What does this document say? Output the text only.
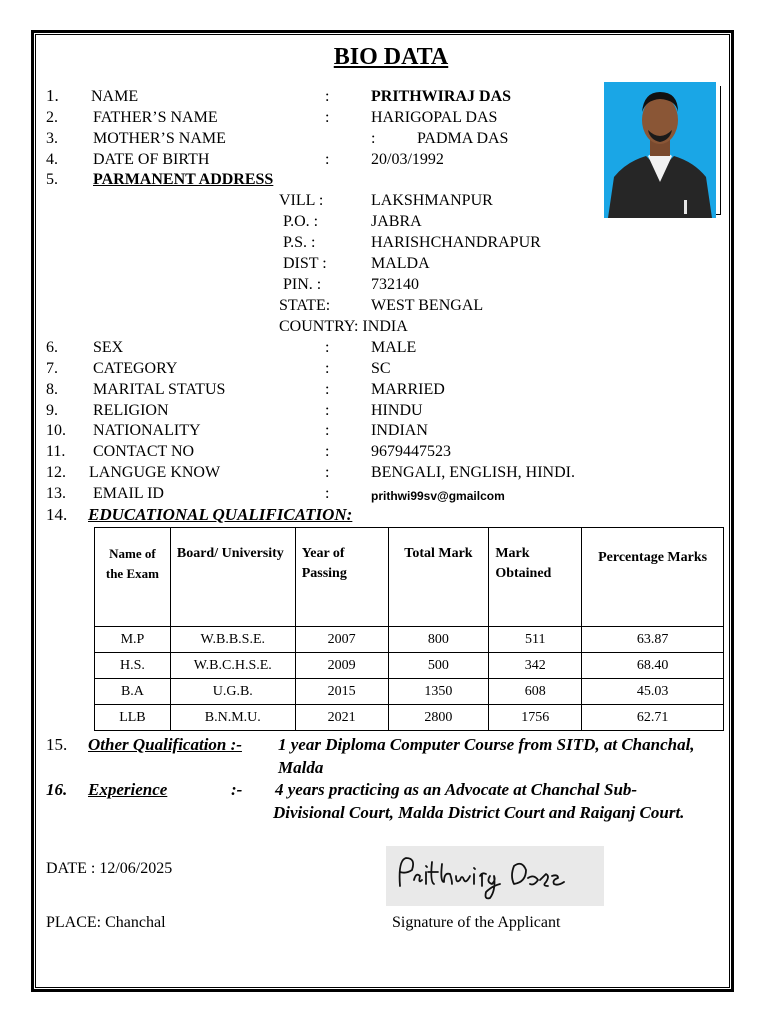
BIO DATA
1. NAME	:	PRITHWIRAJ DAS
2. FATHER’S NAME	:	HARIGOPAL DAS
3. MOTHER’S NAME	:	PADMA DAS
4. DATE OF BIRTH	:	20/03/1992
5. PARMANENT ADDRESS
VILL :	LAKSHMANPUR
P.O. :	JABRA
P.S. :	HARISHCHANDRAPUR
DIST :	MALDA
PIN. :	732140
STATE:	WEST BENGAL
COUNTRY: INDIA
6. SEX	:	MALE
7. CATEGORY	:	SC
8. MARITAL STATUS	:	MARRIED
9. RELIGION	:	HINDU
10. NATIONALITY	:	INDIAN
11. CONTACT NO	:	9679447523
12. LANGUGE KNOW	:	BENGALI, ENGLISH, HINDI.
13. EMAIL ID	:	prithwi99sv@gmailcom
14. EDUCATIONAL QUALIFICATION:
Name of the Exam	Board/ University	Year of Passing	Total Mark	Mark Obtained	Percentage Marks
M.P	W.B.B.S.E.	2007	800	511	63.87
H.S.	W.B.C.H.S.E.	2009	500	342	68.40
B.A	U.G.B.	2015	1350	608	45.03
LLB	B.N.M.U.	2021	2800	1756	62.71
15. Other Qualification :- 1 year Diploma Computer Course from SITD, at Chanchal,
Malda
16. Experience	:- 4 years practicing as an Advocate at Chanchal Sub-
Divisional Court, Malda District Court and Raiganj Court.
DATE : 12/06/2025
PLACE: Chanchal	Signature of the Applicant
